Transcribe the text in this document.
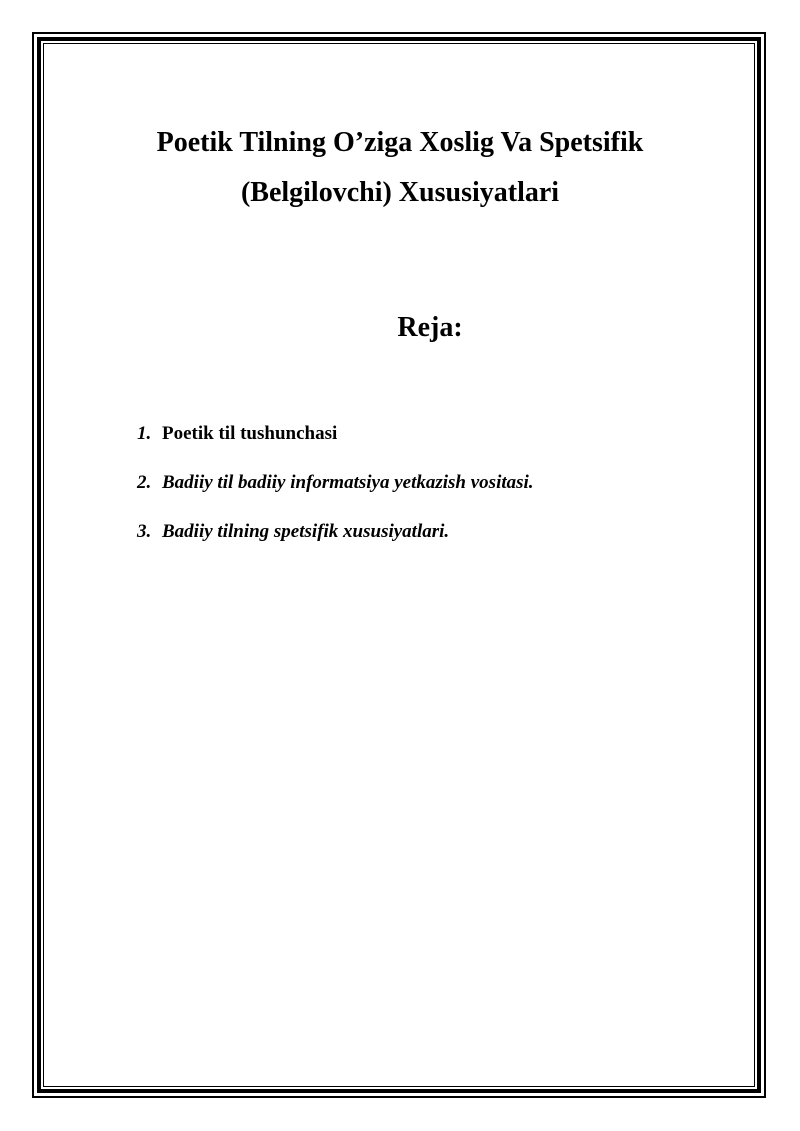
Poetik Tilning O’ziga Xoslig Va Spetsifik
(Belgilovchi) Xususiyatlari
Reja:
1. Poetik til tushunchasi
2. Badiiy til badiiy informatsiya yetkazish vositasi.
3. Badiiy tilning spetsifik xususiyatlari.
